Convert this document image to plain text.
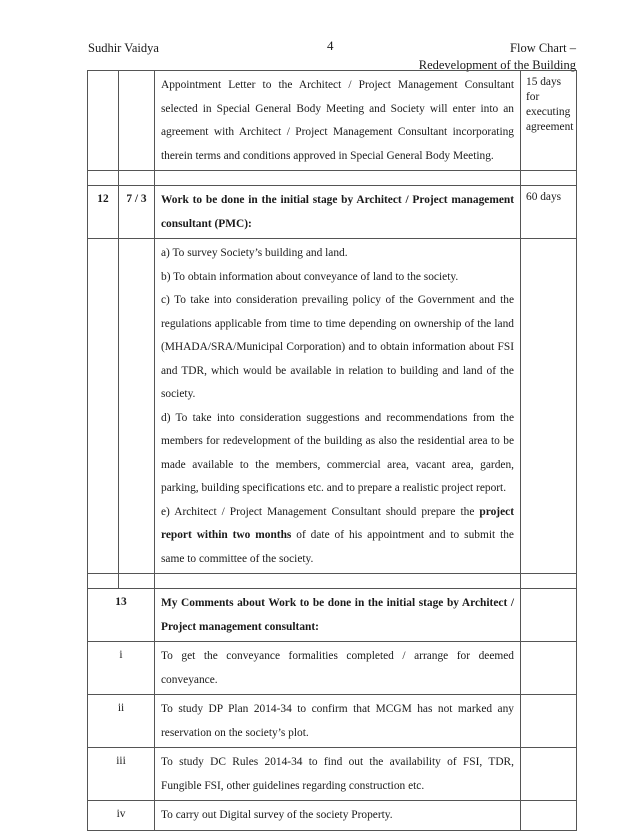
Sudhir Vaidya	4	Flow Chart –
Redevelopment of the Building

		Appointment Letter to the Architect / Project Management Consultant selected in Special General Body Meeting and Society will enter into an agreement with Architect / Project Management Consultant incorporating therein terms and conditions approved in Special General Body Meeting.	15 days for executing agreement

12	7 / 3	Work to be done in the initial stage by Architect / Project management consultant (PMC):	60 days

		a) To survey Society’s building and land.

b) To obtain information about conveyance of land to the society.

c) To take into consideration prevailing policy of the Government and the regulations applicable from time to time depending on ownership of the land (MHADA/SRA/Municipal Corporation) and to obtain information about FSI and TDR, which would be available in relation to building and land of the society.

d) To take into consideration suggestions and recommendations from the members for redevelopment of the building as also the residential area to be made available to the members, commercial area, vacant area, garden, parking, building specifications etc. and to prepare a realistic project report.

e) Architect / Project Management Consultant should prepare the project report within two months of date of his appointment and to submit the same to committee of the society.	

13		My Comments about Work to be done in the initial stage by Architect / Project management consultant:	

i		To get the conveyance formalities completed / arrange for deemed conveyance.	

ii		To study DP Plan 2014-34 to confirm that MCGM has not marked any reservation on the society’s plot.	

iii		To study DC Rules 2014-34 to find out the availability of FSI, TDR, Fungible FSI, other guidelines regarding construction etc.	

iv		To carry out Digital survey of the society Property.	
